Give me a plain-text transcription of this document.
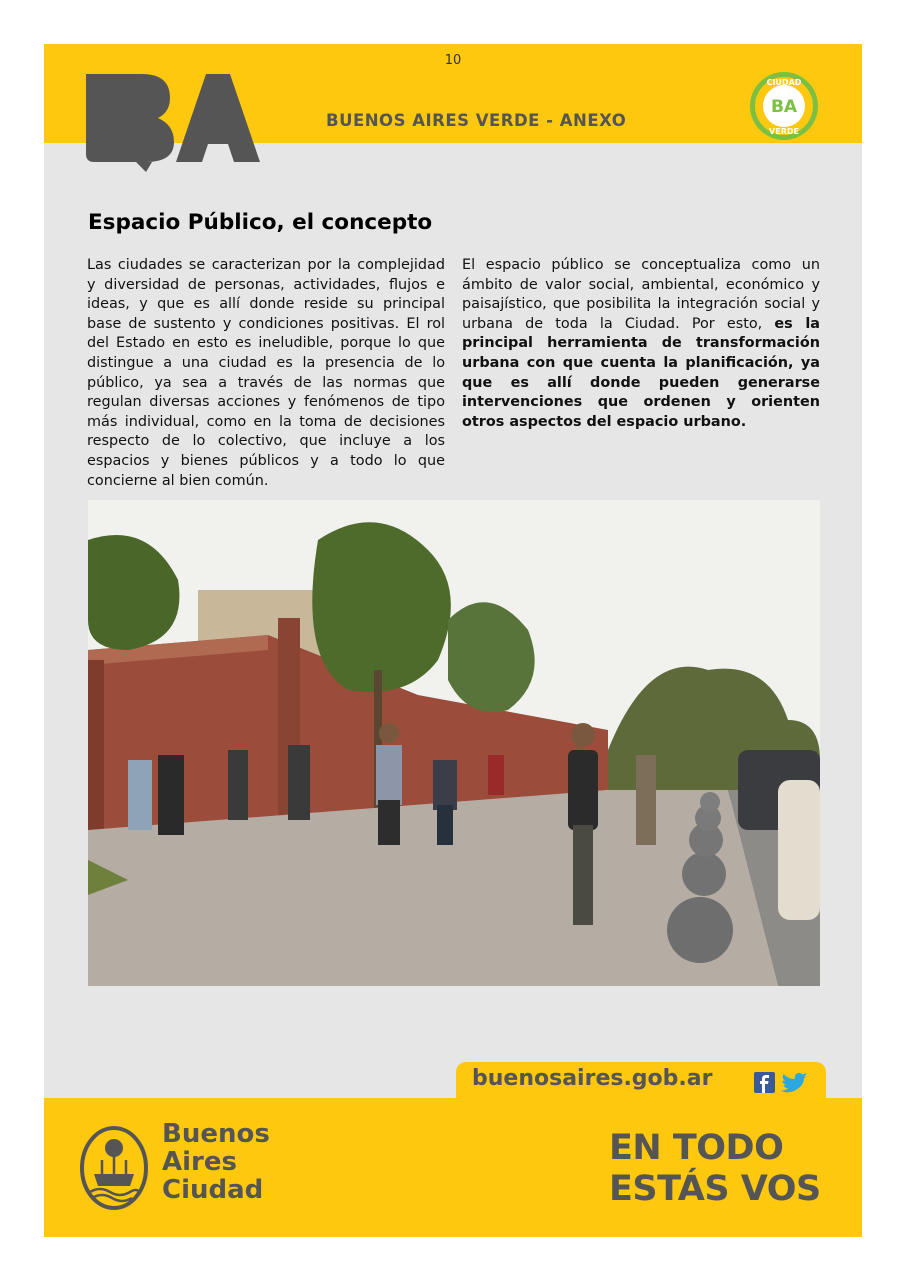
10
BA
BUENOS AIRES VERDE - ANEXO
CIUDAD
BA
VERDE
Espacio Público, el concepto
Las ciudades se caracterizan por la complejidad y diversidad de personas, actividades, flujos e ideas, y que es allí donde reside su principal base de sustento y condiciones positivas. El rol del Estado en esto es ineludible, porque lo que distingue a una ciudad es la presencia de lo público, ya sea a través de las normas que regulan diversas acciones y fenómenos de tipo más individual, como en la toma de decisiones respecto de lo colectivo, que incluye a los espacios y bienes públicos y a todo lo que concierne al bien común.
El espacio público se conceptualiza como un ámbito de valor social, ambiental, económico y paisajístico, que posibilita la integración social y urbana de toda la Ciudad. Por esto, es la principal herramienta de transformación urbana con que cuenta la planificación, ya que es allí donde pueden generarse intervenciones que ordenen y orienten otros aspectos del espacio urbano.
buenosaires.gob.ar
Buenos
Aires
Ciudad
EN TODO
ESTÁS VOS
